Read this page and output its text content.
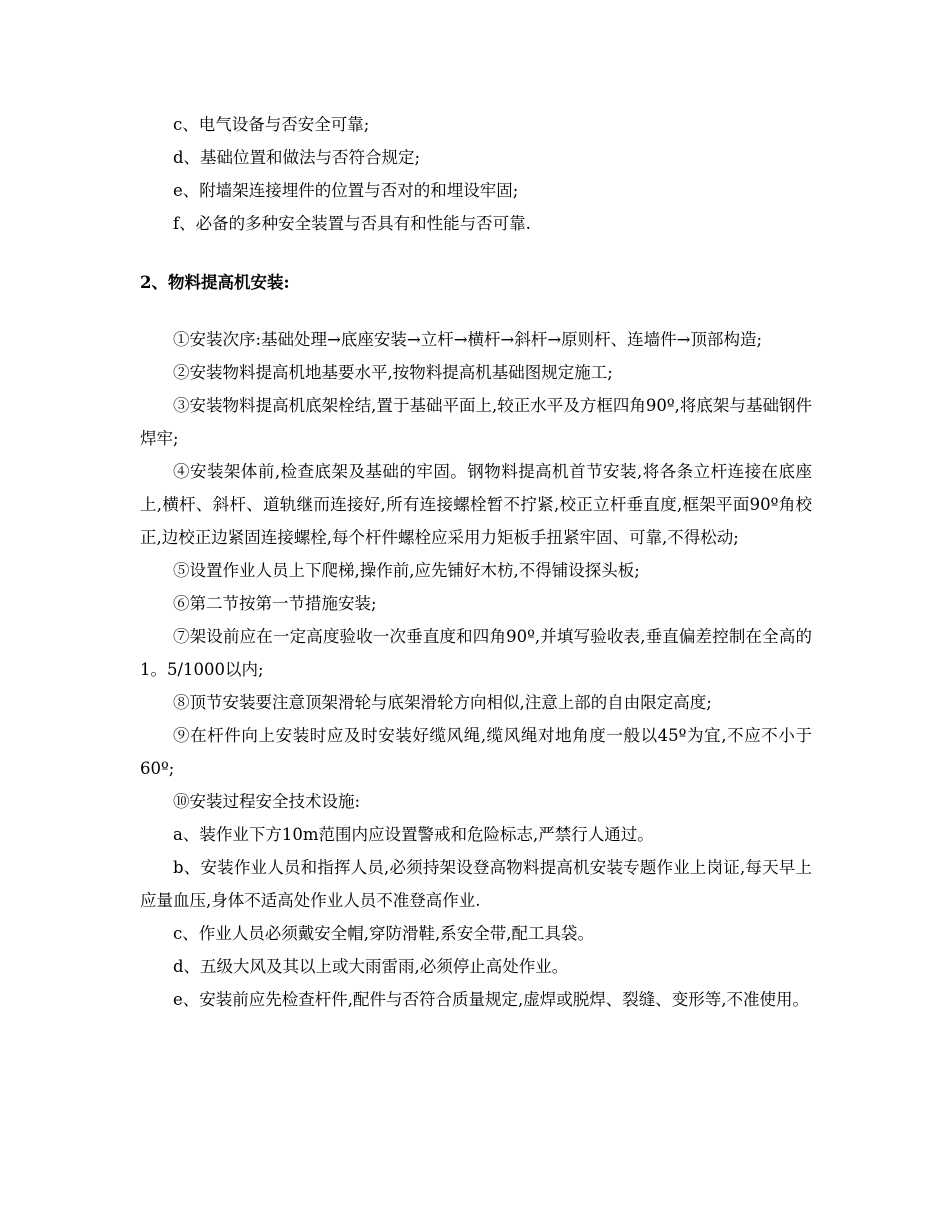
c、电气设备与否安全可靠;

d、基础位置和做法与否符合规定;

e、附墙架连接埋件的位置与否对的和埋设牢固;

f、必备的多种安全装置与否具有和性能与否可靠.

2、物料提高机安装:

①安装次序:基础处理→底座安装→立杆→横杆→斜杆→原则杆、连墙件→顶部构造;

②安装物料提高机地基要水平,按物料提高机基础图规定施工;

③安装物料提高机底架栓结,置于基础平面上,较正水平及方框四角90º,将底架与基础钢件焊牢;

④安装架体前,检查底架及基础的牢固。钢物料提高机首节安装,将各条立杆连接在底座上,横杆、斜杆、道轨继而连接好,所有连接螺栓暂不拧紧,校正立杆垂直度,框架平面90º角校正,边校正边紧固连接螺栓,每个杆件螺栓应采用力矩板手扭紧牢固、可靠,不得松动;

⑤设置作业人员上下爬梯,操作前,应先铺好木枋,不得铺设探头板;

⑥第二节按第一节措施安装;

⑦架设前应在一定高度验收一次垂直度和四角90º,并填写验收表,垂直偏差控制在全高的1。5/1000以内;

⑧顶节安装要注意顶架滑轮与底架滑轮方向相似,注意上部的自由限定高度;

⑨在杆件向上安装时应及时安装好缆风绳,缆风绳对地角度一般以45º为宜,不应不小于60º;

⑩安装过程安全技术设施:

a、装作业下方10m范围内应设置警戒和危险标志,严禁行人通过。

b、安装作业人员和指挥人员,必须持架设登高物料提高机安装专题作业上岗证,每天早上应量血压,身体不适高处作业人员不准登高作业.

c、作业人员必须戴安全帽,穿防滑鞋,系安全带,配工具袋。

d、五级大风及其以上或大雨雷雨,必须停止高处作业。

e、安装前应先检查杆件,配件与否符合质量规定,虚焊或脱焊、裂缝、变形等,不准使用。
